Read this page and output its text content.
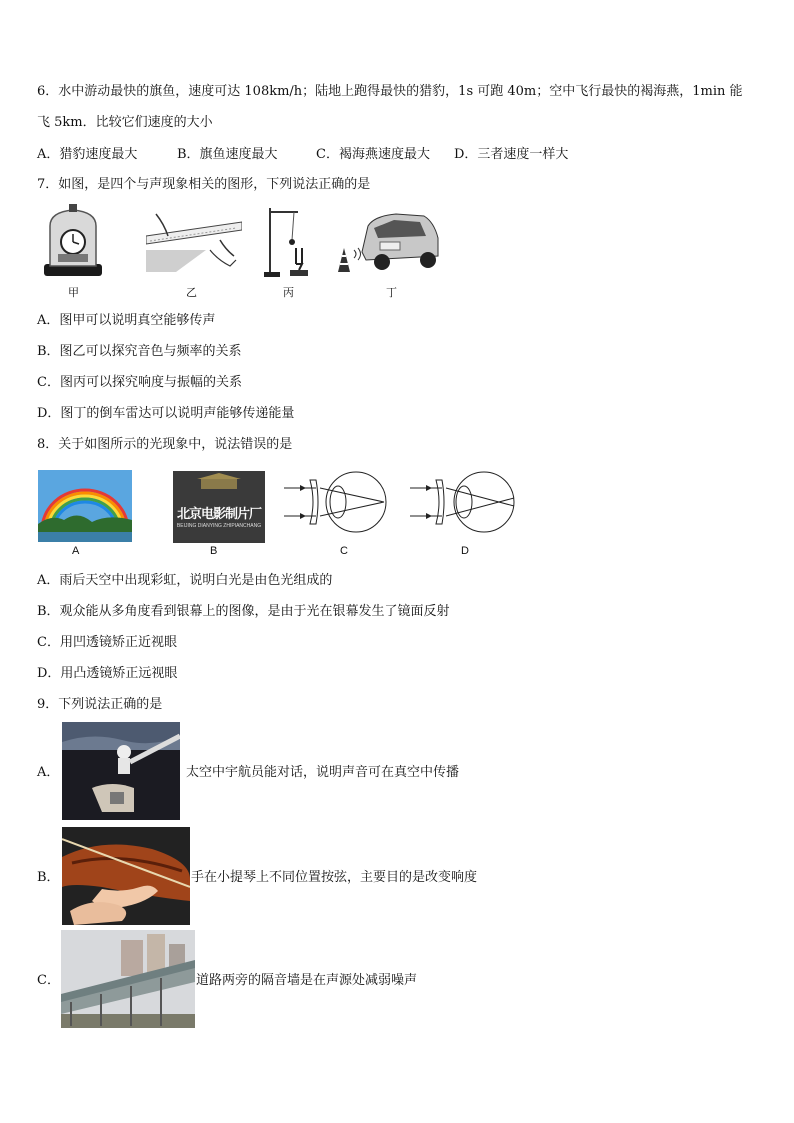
6．水中游动最快的旗鱼，速度可达 108km/h；陆地上跑得最快的猎豹，1s 可跑 40m；空中飞行最快的褐海燕，1min 能
飞 5km．比较它们速度的大小
A．猎豹速度最大	B．旗鱼速度最大	C．褐海燕速度最大 D．三者速度一样大
7．如图，是四个与声现象相关的图形，下列说法正确的是
甲	乙	丙	丁
A．图甲可以说明真空能够传声
B．图乙可以探究音色与频率的关系
C．图丙可以探究响度与振幅的关系
D．图丁的倒车雷达可以说明声能够传递能量
8．关于如图所示的光现象中，说法错误的是
A
北京电影制片厂
BEIJING DIANYING ZHIPIANCHANG
B	C	D
A．雨后天空中出现彩虹，说明白光是由色光组成的
B．观众能从多角度看到银幕上的图像，是由于光在银幕发生了镜面反射
C．用凹透镜矫正近视眼
D．用凸透镜矫正远视眼
9．下列说法正确的是
A．	太空中宇航员能对话，说明声音可在真空中传播
B．	手在小提琴上不同位置按弦，主要目的是改变响度
C．	道路两旁的隔音墙是在声源处减弱噪声
